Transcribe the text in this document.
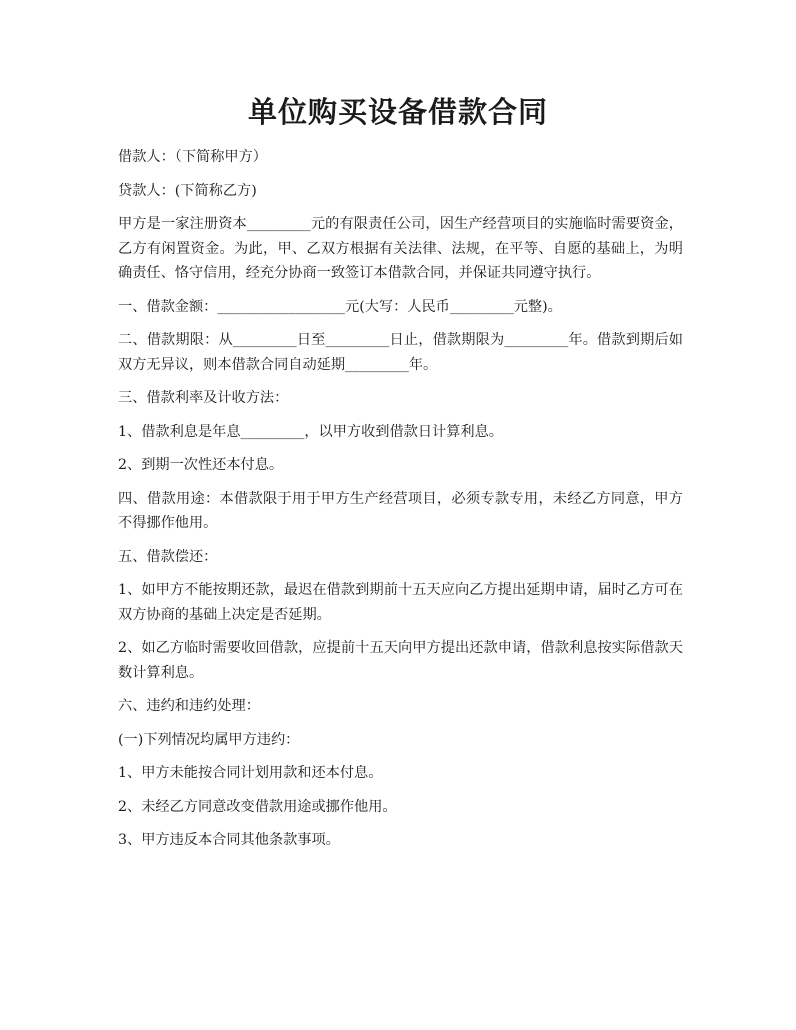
单位购买设备借款合同

借款人：（下简称甲方）

贷款人：(下简称乙方)

甲方是一家注册资本_________元的有限责任公司，因生产经营项目的实施临时需要资金，乙方有闲置资金。为此，甲、乙双方根据有关法律、法规，在平等、自愿的基础上，为明确责任、恪守信用，经充分协商一致签订本借款合同，并保证共同遵守执行。

一、借款金额：__________________元(大写：人民币_________元整)。

二、借款期限：从_________日至_________日止，借款期限为_________年。借款到期后如双方无异议，则本借款合同自动延期_________年。

三、借款利率及计收方法：

1、借款利息是年息_________，以甲方收到借款日计算利息。

2、到期一次性还本付息。

四、借款用途：本借款限于用于甲方生产经营项目，必须专款专用，未经乙方同意，甲方不得挪作他用。

五、借款偿还：

1、如甲方不能按期还款，最迟在借款到期前十五天应向乙方提出延期申请，届时乙方可在双方协商的基础上决定是否延期。

2、如乙方临时需要收回借款，应提前十五天向甲方提出还款申请，借款利息按实际借款天数计算利息。

六、违约和违约处理：

(一)下列情况均属甲方违约：

1、甲方未能按合同计划用款和还本付息。

2、未经乙方同意改变借款用途或挪作他用。

3、甲方违反本合同其他条款事项。
